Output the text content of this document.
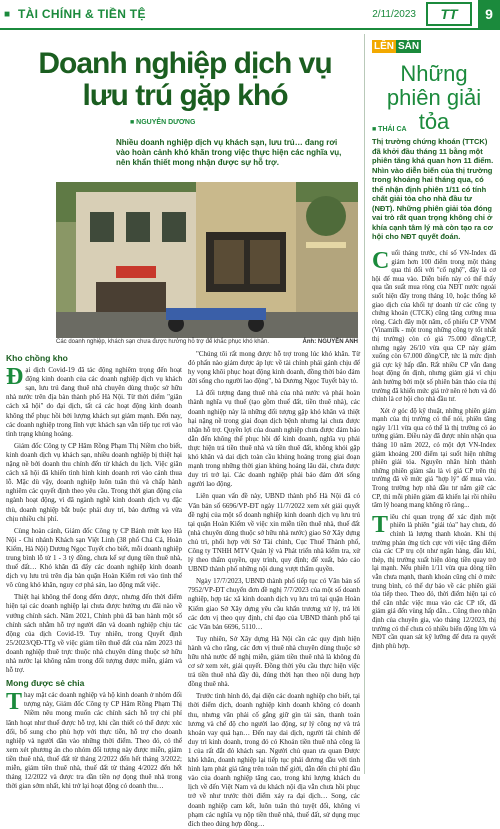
■ TÀI CHÍNH & TIỀN TỆ	2/11/2023	TT	9
Doanh nghiệp dịch vụ
lưu trú gặp khó
■ NGUYỄN DƯƠNG
Nhiều doanh nghiệp dịch vụ khách sạn, lưu trú… đang rơi vào hoàn cảnh khó khăn trong việc thực hiện các nghĩa vụ, nên khẩn thiết mong nhận được sự hỗ trợ.
Các doanh nghiệp, khách sạn chưa được hưởng hỗ trợ để khắc phục khó khăn.	Ảnh: NGUYỄN ANH
Kho chồng kho

Đại dịch Covid-19 đã tác động nghiêm trọng đến hoạt động kinh doanh của các doanh nghiệp dịch vụ khách sạn, lưu trú đang thuê nhà chuyên dùng thuộc sở hữu nhà nước trên địa bàn thành phố Hà Nội. Từ thời điểm "giãn cách xã hội" do đại dịch, tất cả các hoạt động kinh doanh không thể phục hồi bởi lượng khách sụt giảm mạnh. Đến nay, các doanh nghiệp trong lĩnh vực khách sạn vẫn tiếp tục rơi vào tình trạng khủng hoảng.

Giám đốc Công ty CP Hâm Rồng Phạm Thị Niềm cho biết, kinh doanh dịch vụ khách sạn, nhiều doanh nghiệp bị thiệt hại nặng nề bởi doanh thu chính đến từ khách du lịch. Việc giãn cách xã hội đã khiến tình hình kinh doanh rơi vào cảnh thua lỗ. Mặc dù vậy, doanh nghiệp luôn tuân thủ và chấp hành nghiêm các quyết định theo yêu cầu. Trong thời gian động của ngành hoạt động, vì đã ngành nghề kinh doanh dịch vụ đặc thù, doanh nghiệp bắt buộc phải duy trì, bảo dưỡng và vừa chịu nhiều chi phí.

Cùng hoàn cảnh, Giám đốc Công ty CP Bánh mứt kẹo Hà Nội - Chi nhánh Khách sạn Việt Linh (38 phố Chả Cá, Hoàn Kiếm, Hà Nội) Dương Ngọc Tuyết cho biết, mỗi doanh nghiệp trung bình lỗ từ 1 - 3 tỷ đồng, chưa kể sự dụng tiền thuê nhà, thuế đất… Khó khăn đã đẩy các doanh nghiệp kinh doanh dịch vụ lưu trú trên địa bàn quận Hoàn Kiếm rơi vào tình thế vô cùng khó khăn, nguy cơ phá sản, lao động mất việc.

Thiệt hại không thể đong đếm được, nhưng đến thời điểm hiện tại các doanh nghiệp lại chưa được hưởng ưu đãi nào về vướng chính sách. Năm 2021, Chính phủ đã ban hành một số chính sách nhằm hỗ trợ người dân và doanh nghiệp chịu tác động của dịch Covid-19. Tuy nhiên, trong Quyết định 25/2023/QĐ-TTg về việc giảm tiền thuê đất của năm 2023 thì doanh nghiệp thuê trực thuộc nhà chuyên dùng thuộc sở hữu nhà nước lại không nằm trong đối tượng được miễn, giảm và hỗ trợ.

Mong được sẻ chia

Thay mặt các doanh nghiệp và hộ kinh doanh ở nhóm đối tượng này, Giám đốc Công ty CP Hâm Rồng Phạm Thị Niềm nêu mong muốn các chính sách hỗ trợ chi phí lãnh hoạt như thuế được hỗ trợ, khi cần thiết có thể được xúc đổi, bổ sung cho phù hợp với thực tiễn, hỗ trợ cho doanh nghiệp và người dân vào những thời điểm. Theo đó, có thể xem xét phương án cho nhóm đối tượng này được miễn, giảm tiền thuê nhà, thuế đất từ tháng 2/2022 đến hết tháng 3/2022; miễn, giảm tiền thuê nhà, thuế đất từ tháng 4/2022 đến hết tháng 12/2022 và được tra dần tiền nợ đọng thuê nhà trong thời gian sớm nhất, khi trở lại hoạt động có doanh thu…

"Chúng tôi rất mong được hỗ trợ trong lúc khó khăn. Từ đó phấn nào giảm được áp lực về tài chính phải gánh chịu để hy vọng khôi phục hoạt động kinh doanh, đồng thời bảo đảm đời sống cho người lao động", bà Dương Ngọc Tuyết bày tỏ.

Là đối tượng đang thuê nhà của nhà nước và phải hoàn thành nghĩa vụ thuế (tạo gồm thuế đất, tiền thuê nhà), các doanh nghiệp này là những đối tượng gặp khó khăn và thiệt hại nặng nề trong giai đoạn dịch bệnh nhưng lại chưa được nhận hỗ trợ. Quyền lợi của doanh nghiệp chưa được đảm bảo dẫn đến không thể phục hồi để kinh doanh, nghĩa vụ phải thực hiện trả tiền thuê nhà và tiền thuê đất, không khỏi gặp khó khăn và dai dịch toàn cầu khủng hoảng trong giai đoạn mạnh trong những thời gian khủng hoảng lâu dài, chưa được duy trì trở lại. Các doanh nghiệp phải bảo đảm đời sống người lao động.

Liên quan vấn đề này, UBND thành phố Hà Nội đã có Văn bản số 6696/VP-ĐT ngày 11/7/2022 xem xét giải quyết đề nghị của một số doanh nghiệp kinh doanh dịch vụ lưu trú tại quận Hoàn Kiếm về việc xin miễn tiền thuê nhà, thuế đất (nhà chuyên dùng thuộc sở hữu nhà nước) giao Sở Xây dựng chủ trì, phối hợp với Sở Tài chính, Cục Thuế Thành phố, Công ty TNHH MTV Quản lý và Phát triển nhà kiểm tra, xử lý theo thẩm quyền, quy trình, quy định; để xuất, báo cáo UBND thành phố những nội dung vượt thẩm quyền.

Ngày 17/7/2023, UBND thành phố tiếp tục có Văn bản số 7952/VP-ĐT chuyển đơn đề nghị 7/7/2023 của một số doanh nghiệp, hợp tác xã kinh doanh dịch vụ lưu trú tại quận Hoàn Kiếm giao Sở Xây dựng yêu cầu khẩn trương xử lý, trả lời các đơn vị theo quy định, chỉ đạo của UBND thành phố tại các Văn bản 6696, 5110…

Tuy nhiên, Sở Xây dựng Hà Nội cần các quy định hiện hành và cho rằng, các đơn vị thuê nhà chuyên dùng thuộc sở hữu nhà nước để nghị miễn, giảm tiền thuê nhà là không đủ cơ sở xem xét, giải quyết. Đồng thời yêu cầu thực hiện việc trả tiền thuê nhà đầy đủ, đúng thời hạn theo nội dung hợp đồng thuê nhà.

Trước tình hình đó, đại diện các doanh nghiệp cho biết, tại thời điểm dịch, doanh nghiệp kinh doanh không có doanh thu, nhưng văn phải cố gắng giữ gìn tài sản, thanh toán lương và chế độ cho người lao động, sự lý công nợ và trả khoản vay quá hạn… Đến nay dai dịch, người tài chính để duy trì kinh doanh, trong đó có Khoản tiền thuê nhà công là 1 của rất đắt đỏ khách sạn. Người chủ quan ưa quan Được khó khăn, doanh nghiệp lại tiếp tục phải đương đầu với tình hình lạm phát giá tăng trên toàn thế giới, dẫn đến chi phí đầu vào của doanh nghiệp tăng cao, trong khi lượng khách du lịch về đến Việt Nam và du khách nội địa vẫn chưa hồi phục trở về như trước thời điểm xảy ra đại dịch… Song, các doanh nghiệp cam kết, luôn tuân thủ tuyệt đối, không vi phạm các nghĩa vụ nộp tiền thuê nhà, thuế đất, sử dụng mục đích theo đúng hợp đồng…

LÊN SÀN
Những phiên giải tỏa
■ THÁI CA
Thị trường chứng khoán (TTCK) đã khởi đầu tháng 11 bằng một phiên tăng khá quan hơn 11 điểm. Nhìn vào diễn biến của thị trường trong khoảng hai tháng qua, có thể nhận định phiên 1/11 có tính chất giải tỏa cho nhà đầu tư (NĐT). Những phiên giải tỏa đóng vai trò rất quan trọng không chỉ ở khía cạnh tâm lý mà còn tạo ra cơ hội cho NĐT quyết đoán.

Cuối tháng trước, chỉ số VN-Index đã giảm hơn 100 điểm trong một tháng qua thì đối với "cổ nghệ", đây là cơ hội để mua vào. Diễn biến này có thể thấy qua tần suất mua ròng của NĐT nước ngoài suốt hiện đây trong tháng 10, hoặc thống kê giao dịch của khối tự doanh từ các công ty chứng khoán (CTCK) cũng tăng cường mua ròng. Cách đây một năm, cổ phiếu CP VNM (Vinamilk - một trong những công ty tốt nhất thị trường) còn có giá 75.000 đồng/CP, nhưng ngày 26/10 vừa qua CP này giảm xuống còn 67.000 đồng/CP, tức là mức định giá cực kỳ hấp dẫn. Rất nhiều CP vẫn đang hoạt động ổn định, nhưng giảm giá vì chịu ảnh hưởng bởi một số phiên bán tháo của thị trường đã khiến mức giá trở nên rẻ hơn và đó chính là cơ hội cho nhà đầu tư.

Xét ở góc độ kỹ thuật, những phiên giảm mạnh của thị trường có thể nói, phiên tăng ngày 1/11 vừa qua có thể là thị trường có ảo tưởng giảm. Điều này đã được nhìn nhận qua tháng 10 năm 2022, có một đợt VN-Index giảm khoảng 200 điểm tại suốt hiện những phiên giải tỏa. Nguyên nhân hình thành những phiên giảm sâu là vì giá CP trên thị trường đã về mức giá "hợp lý" để mua vào. Trong trường hợp nhà đầu tư nắm giữ các CP, thì mỗi phiên giảm đã khiến lại rồi nhiều tâm lý hoang mang không rõ ràng...

Tiêu chí quan trọng để xác định một phiên là phiên "giải tỏa" hay chưa, đó chính là lượng thanh khoản. Khi thị trường phản ứng tích cực với việc tăng điểm của các CP trụ cột như ngân hàng, dầu khí, thép, thị trường xuất hiện dòng tiền quay trở lại mạnh. Nếu phiên 1/11 vừa qua dòng tiền vẫn chưa mạnh, thanh khoản cũng chỉ ở mức trung bình, có thể dự báo về các phiên giải tỏa tiếp theo. Theo đó, thời điểm hiện tại có thể cân nhắc việc mua vào các CP tốt, đã giảm giá đến vùng hấp dẫn... Cũng theo nhận định của chuyên gia, vào tháng 12/2023, thị trường có thể chưa có nhiều biến động lớn và NĐT cần quan sát kỹ lưỡng để đưa ra quyết định phù hợp.
